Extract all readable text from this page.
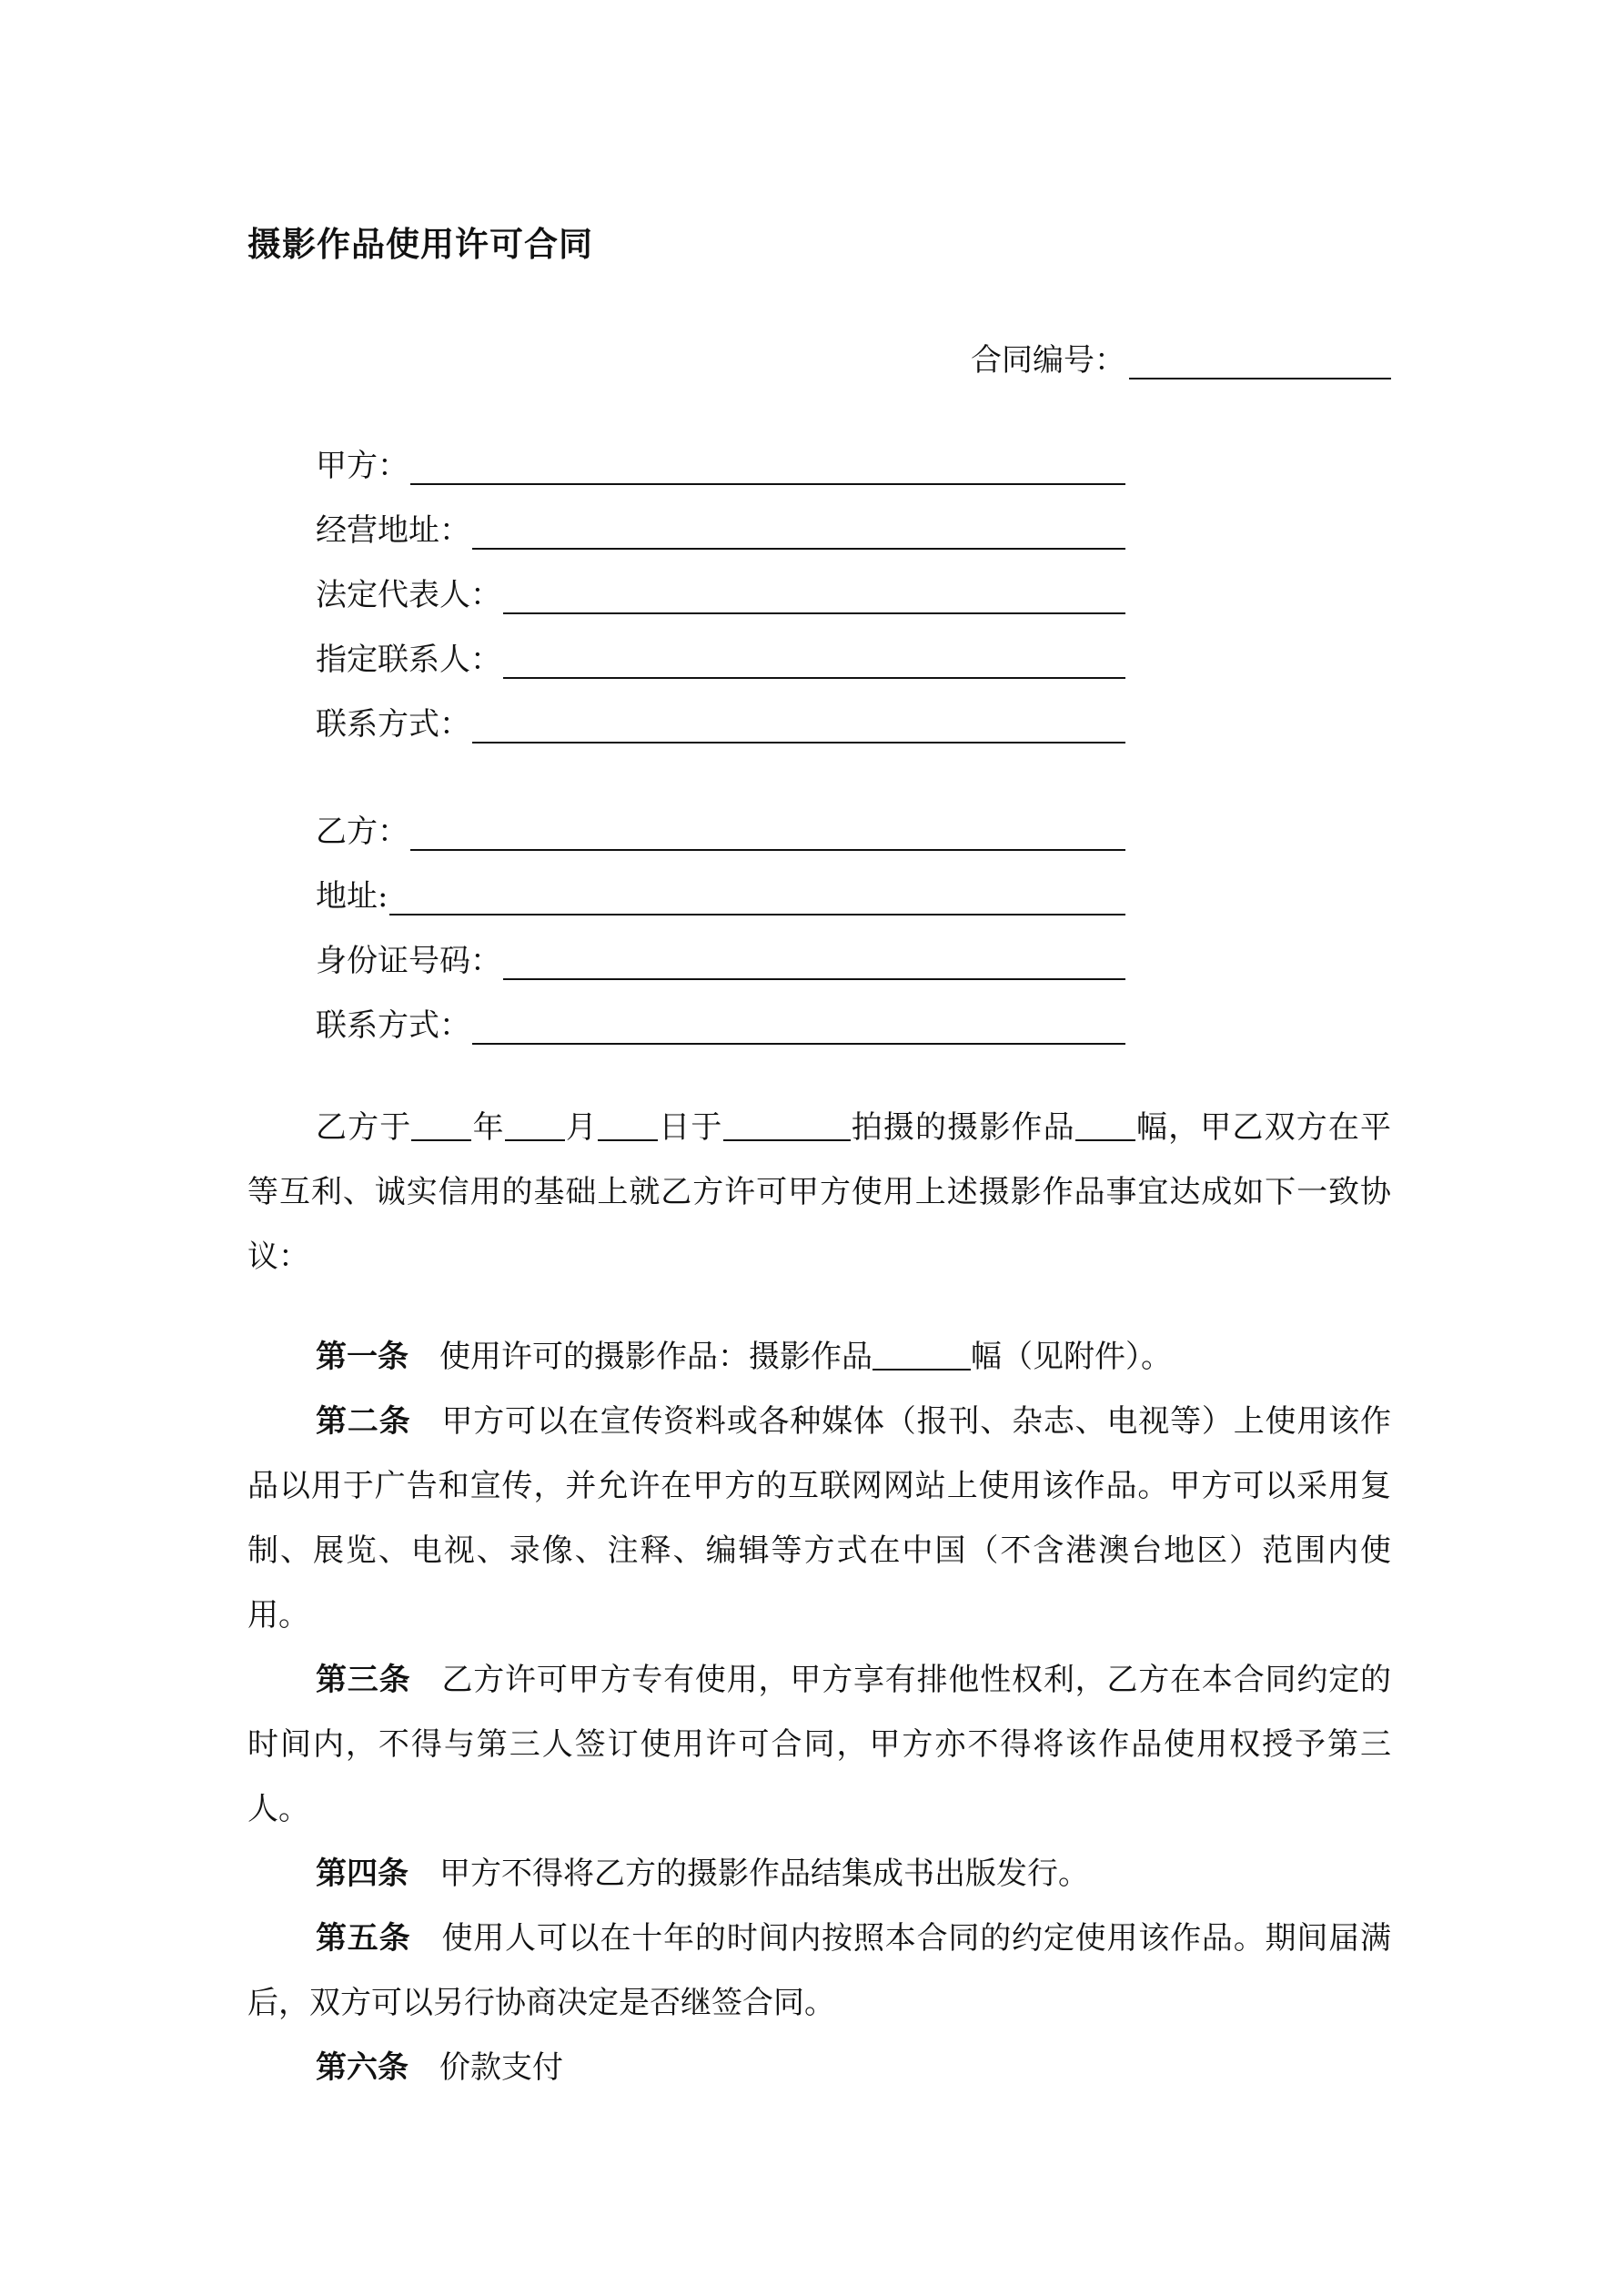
摄影作品使用许可合同
合同编号：
甲方：
经营地址：
法定代表人：
指定联系人：
联系方式：
乙方：
地址:
身份证号码：
联系方式：

乙方于 年 月 日于	拍摄的摄影作品 幅，甲乙双方在平等互利、诚实信用的基础上就乙方许可甲方使用上述摄影作品事宜达成如下一致协议：

第一条 使用许可的摄影作品：摄影作品	幅（见附件）。

第二条 甲方可以在宣传资料或各种媒体（报刊、杂志、电视等）上使用该作品以用于广告和宣传，并允许在甲方的互联网网站上使用该作品。甲方可以采用复制、展览、电视、录像、注释、编辑等方式在中国（不含港澳台地区）范围内使用。

第三条 乙方许可甲方专有使用，甲方享有排他性权利，乙方在本合同约定的时间内，不得与第三人签订使用许可合同，甲方亦不得将该作品使用权授予第三人。

第四条 甲方不得将乙方的摄影作品结集成书出版发行。

第五条 使用人可以在十年的时间内按照本合同的约定使用该作品。期间届满后，双方可以另行协商决定是否继签合同。

第六条 价款支付
